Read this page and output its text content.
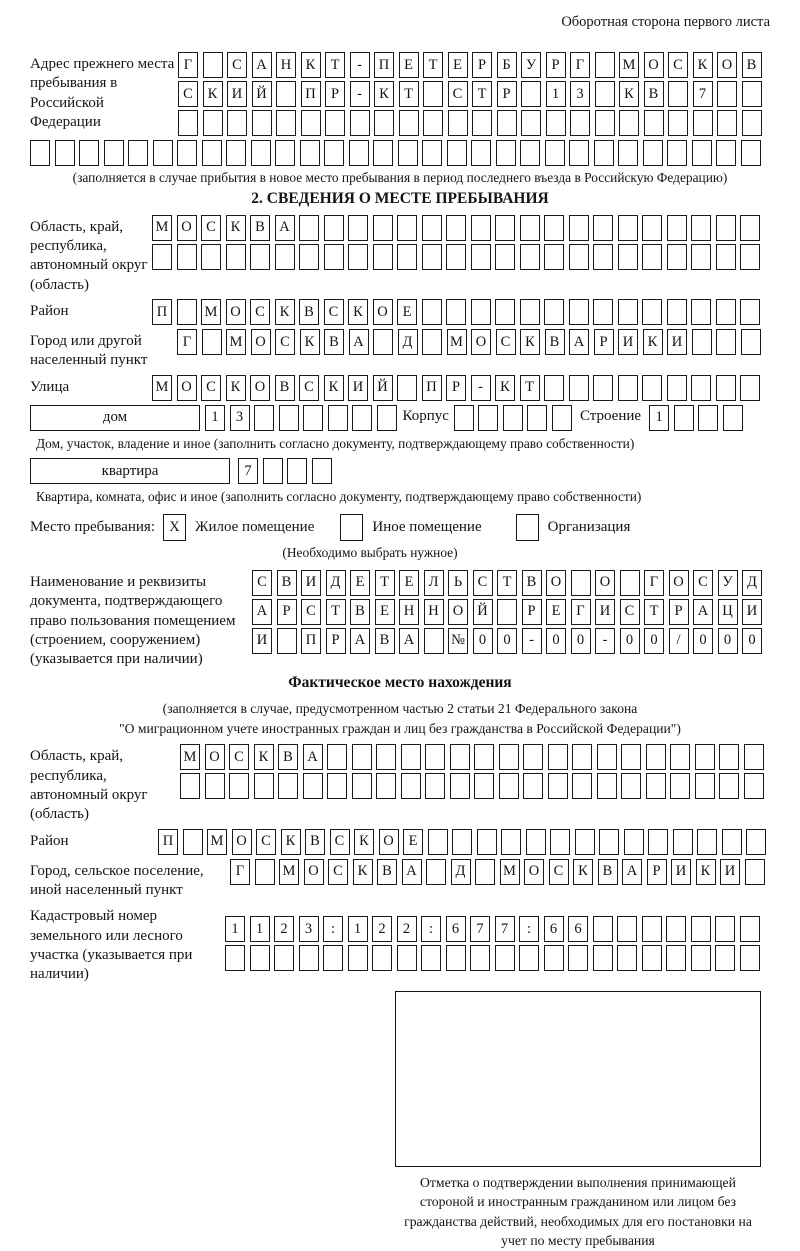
Оборотная сторона первого листа
Адрес прежнего места пребывания в Российской Федерации
Г	С А Н К	Т	-	П	Е	Т	Е	Р	Б	У	Р	Г	М О С	К О В
С	К И Й	П	Р	-	К	Т	С	Т	Р	1	3	К	В	7
(заполняется в случае прибытия в новое место пребывания в период последнего въезда в Российскую Федерацию)
2. СВЕДЕНИЯ О МЕСТЕ ПРЕБЫВАНИЯ
Область, край, республика, автономный округ (область)
М О С	К	В А
Район	П	М О С	К	В	С	К О	Е
Город или другой населенный пункт
Г	М О С	К	В А	Д	М О С	К	В А	Р	И К И
Улица	М О С	К О В	С	К И Й	П	Р	-	К	Т
дом	1	3	Корпус	Строение 1
Дом, участок, владение и иное (заполнить согласно документу, подтверждающему право собственности)
квартира	7
Квартира, комната, офис и иное (заполнить согласно документу, подтверждающему право собственности)
Место пребывания: X	Жилое помещение	Иное помещение	Организация
(Необходимо выбрать нужное)
Наименование и реквизиты документа, подтверждающего право пользования помещением (строением, сооружением) (указывается при наличии)
С	В И Д	Е	Т	Е	Л	Ь	С	Т	В О	О	Г	О С	У Д
А	Р	С	Т	В	Е	Н Н О Й	Р	Е	Г	И С	Т	Р	А Ц И
И	П	Р	А В А	№ 0	0	-	0	0	-	0	0	/	0	0	0
Фактическое место нахождения
(заполняется в случае, предусмотренном частью 2 статьи 21 Федерального закона
"О миграционном учете иностранных граждан и лиц без гражданства в Российской Федерации")
Область, край, республика, автономный округ (область)
М О С	К	В А
Район	П	М О С	К	В	С	К О	Е
Город, сельское поселение, иной населенный пункт
Г	М О С	К	В А	Д	М О С	К	В А	Р	И К И
Кадастровый номер земельного или лесного участка (указывается при наличии)
1	1	2	3	:	1	2	2	:	6	7	7	:	6	6
Отметка о подтверждении выполнения принимающей стороной и иностранным гражданином или лицом без гражданства действий, необходимых для его постановки на учет по месту пребывания
